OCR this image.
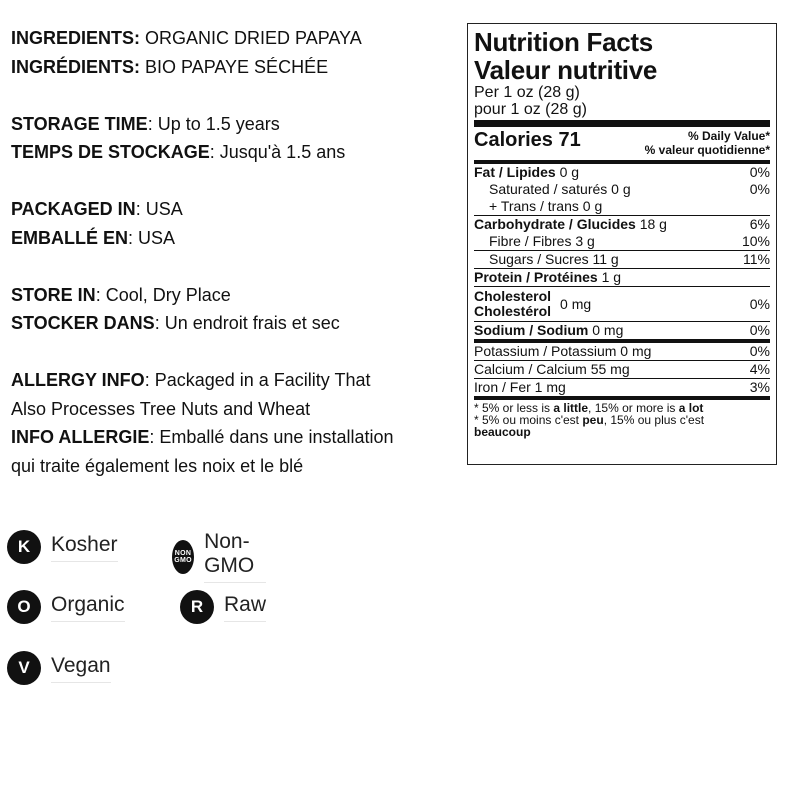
INGREDIENTS: ORGANIC DRIED PAPAYA
INGRÉDIENTS: BIO PAPAYE SÉCHÉE
STORAGE TIME: Up to 1.5 years
TEMPS DE STOCKAGE: Jusqu'à 1.5 ans
PACKAGED IN: USA
EMBALLÉ EN: USA
STORE IN: Cool, Dry Place
STOCKER DANS: Un endroit frais et sec
ALLERGY INFO: Packaged in a Facility That
Also Processes Tree Nuts and Wheat
INFO ALLERGIE: Emballé dans une installation
qui traite également les noix et le blé
K Kosher	NON
GMO
Non-GMO
O Organic	R Raw
V	Vegan
Nutrition Facts
Valeur nutritive
Per 1 oz (28 g)
pour 1 oz (28 g)
Calories 71	% Daily Value*
% valeur quotidienne*
Fat / Lipides 0 g	0%
Saturated / saturés 0 g	0%
+ Trans / trans 0 g
Carbohydrate / Glucides 18 g	6%
Fibre / Fibres 3 g	10%
Sugars / Sucres 11 g	11%
Protein / Protéines 1 g
Cholesterol
Cholestérol 0 mg	0%
Sodium / Sodium 0 mg	0%
Potassium / Potassium 0 mg	0%
Calcium / Calcium 55 mg	4%
Iron / Fer 1 mg	3%
* 5% or less is a little, 15% or more is a lot
* 5% ou moins c'est peu, 15% ou plus c'est
beaucoup
